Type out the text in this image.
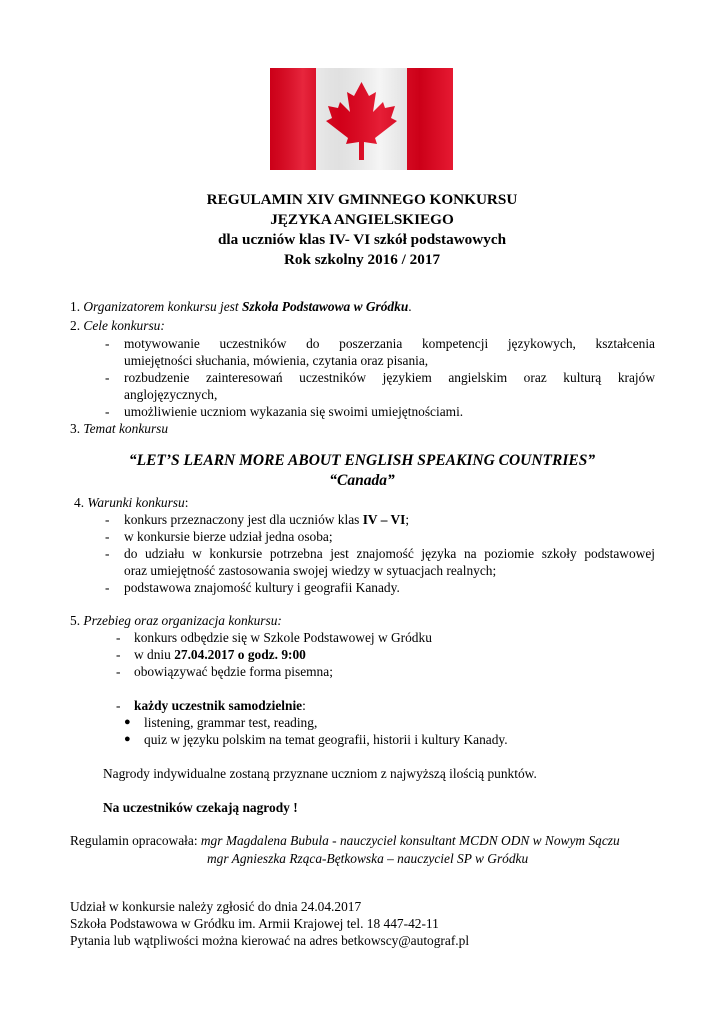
REGULAMIN XIV GMINNEGO KONKURSU
JĘZYKA ANGIELSKIEGO
dla uczniów klas IV- VI szkół podstawowych
Rok szkolny 2016 / 2017
1. Organizatorem konkursu jest Szkoła Podstawowa w Gródku.
2. Cele konkursu:
- motywowanie uczestników do poszerzania kompetencji językowych, kształcenia
umiejętności słuchania, mówienia, czytania oraz pisania,
- rozbudzenie zainteresowań uczestników językiem angielskim oraz kulturą krajów
anglojęzycznych,
- umożliwienie uczniom wykazania się swoimi umiejętnościami.
3. Temat konkursu
“LET’S LEARN MORE ABOUT ENGLISH SPEAKING COUNTRIES”
“Canada”
4. Warunki konkursu:
- konkurs przeznaczony jest dla uczniów klas IV – VI;
- w konkursie bierze udział jedna osoba;
- do udziału w konkursie potrzebna jest znajomość języka na poziomie szkoły podstawowej
oraz umiejętność zastosowania swojej wiedzy w sytuacjach realnych;
- podstawowa znajomość kultury i geografii Kanady.
5. Przebieg oraz organizacja konkursu:
- konkurs odbędzie się w Szkole Podstawowej w Gródku
- w dniu 27.04.2017 o godz. 9:00
- obowiązywać będzie forma pisemna;
- każdy uczestnik samodzielnie:
● listening, grammar test, reading,
● quiz w języku polskim na temat geografii, historii i kultury Kanady.
Nagrody indywidualne zostaną przyznane uczniom z najwyższą ilością punktów.
Na uczestników czekają nagrody !
Regulamin opracowała: mgr Magdalena Bubula - nauczyciel konsultant MCDN ODN w Nowym Sączu
mgr Agnieszka Rząca-Bętkowska – nauczyciel SP w Gródku
Udział w konkursie należy zgłosić do dnia 24.04.2017
Szkoła Podstawowa w Gródku im. Armii Krajowej tel. 18 447-42-11
Pytania lub wątpliwości można kierować na adres betkowscy@autograf.pl
